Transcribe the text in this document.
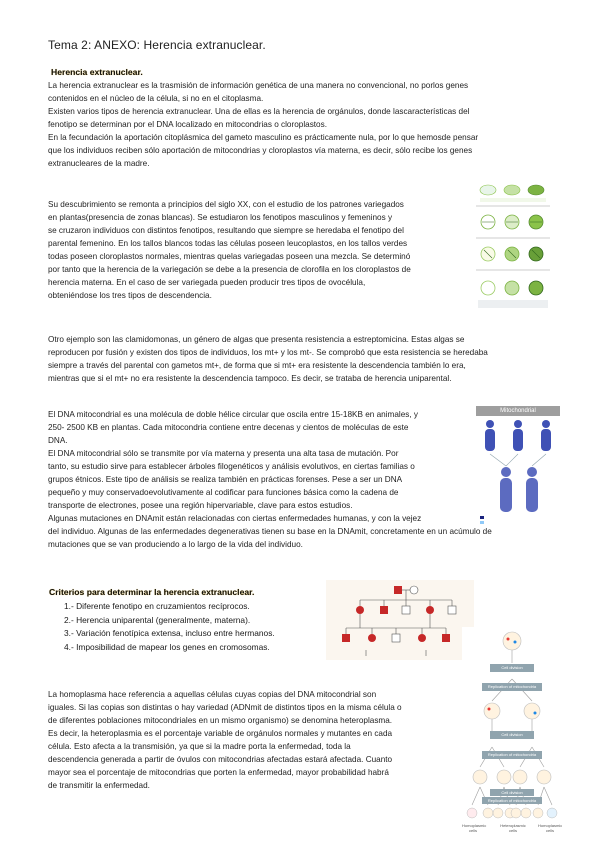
Tema 2: ANEXO: Herencia extranuclear.
Herencia extranuclear.
La herencia extranuclear es la trasmisión de información genética de una manera no convencional, no porlos genes
contenidos en el núcleo de la célula, si no en el citoplasma.
Existen varios tipos de herencia extranuclear. Una de ellas es la herencia de orgánulos, donde lascaracterísticas del
fenotipo se determinan por el DNA localizado en mitocondrias o cloroplastos.
En la fecundación la aportación citoplásmica del gameto masculino es prácticamente nula, por lo que hemosde pensar
que los individuos reciben sólo aportación de mitocondrias y cloroplastos vía materna, es decir, sólo recibe los genes
extranucleares de la madre.
Su descubrimiento se remonta a principios del siglo XX, con el estudio de los patrones variegados
en plantas(presencia de zonas blancas). Se estudiaron los fenotipos masculinos y femeninos y
se cruzaron individuos con distintos fenotipos, resultando que siempre se heredaba el fenotipo del
parental femenino. En los tallos blancos todas las células poseen leucoplastos, en los tallos verdes
todas poseen cloroplastos normales, mientras quelas variegadas poseen una mezcla. Se determinó
por tanto que la herencia de la variegación se debe a la presencia de clorofila en los cloroplastos de
herencia materna. En el caso de ser variegada pueden producir tres tipos de ovocélula,
obteniéndose los tres tipos de descendencia.
Otro ejemplo son las clamidomonas, un género de algas que presenta resistencia a estreptomicina. Estas algas se
reproducen por fusión y existen dos tipos de individuos, los mt+ y los mt-. Se comprobó que esta resistencia se heredaba
siempre a través del parental con gametos mt+, de forma que si mt+ era resistente la descendencia también lo era,
mientras que si el mt+ no era resistente la descendencia tampoco. Es decir, se trataba de herencia uniparental.
El DNA mitocondrial es una molécula de doble hélice circular que oscila entre 15-18KB en animales, y
250- 2500 KB en plantas. Cada mitocondria contiene entre decenas y cientos de moléculas de este
DNA.
El DNA mitocondrial sólo se transmite por vía materna y presenta una alta tasa de mutación. Por
tanto, su estudio sirve para establecer árboles filogenéticos y análisis evolutivos, en ciertas familias o
grupos étnicos. Este tipo de análisis se realiza también en prácticas forenses. Pese a ser un DNA
pequeño y muy conservadoevolutivamente al codificar para funciones básica como la cadena de
transporte de electrones, posee una región hipervariable, clave para estos estudios.
Algunas mutaciones en DNAmit están relacionadas con ciertas enfermedades humanas, y con la vejez
del individuo. Algunas de las enfermedades degenerativas tienen su base en la DNAmit, concretamente en un acúmulo de
mutaciones que se van produciendo a lo largo de la vida del individuo.
Mitochondrial
Criterios para determinar la herencia extranuclear.
1.- Diferente fenotipo en cruzamientos recíprocos.
2.- Herencia uniparental (generalmente, materna).
3.- Variación fenotípica extensa, incluso entre hermanos.
4.- Imposibilidad de mapear los genes en cromosomas.
La homoplasma hace referencia a aquellas células cuyas copias del DNA mitocondrial son
iguales. Si las copias son distintas o hay variedad (ADNmit de distintos tipos en la misma célula o
de diferentes poblaciones mitocondriales en un mismo organismo) se denomina heteroplasma.
Es decir, la heteroplasmia es el porcentaje variable de orgánulos normales y mutantes en cada
célula. Esto afecta a la transmisión, ya que si la madre porta la enfermedad, toda la
descendencia generada a partir de óvulos con mitocondrias afectadas estará afectada. Cuanto
mayor sea el porcentaje de mitocondrias que porten la enfermedad, mayor probabilidad habrá
de transmitir la enfermedad.
Cell division
Replication of mitochondria
Cell division
Replication of mitochondria
Cell division
Replication of mitochondria
Homoplasmic cells
Heteroplasmic cells
Homoplasmic cells
